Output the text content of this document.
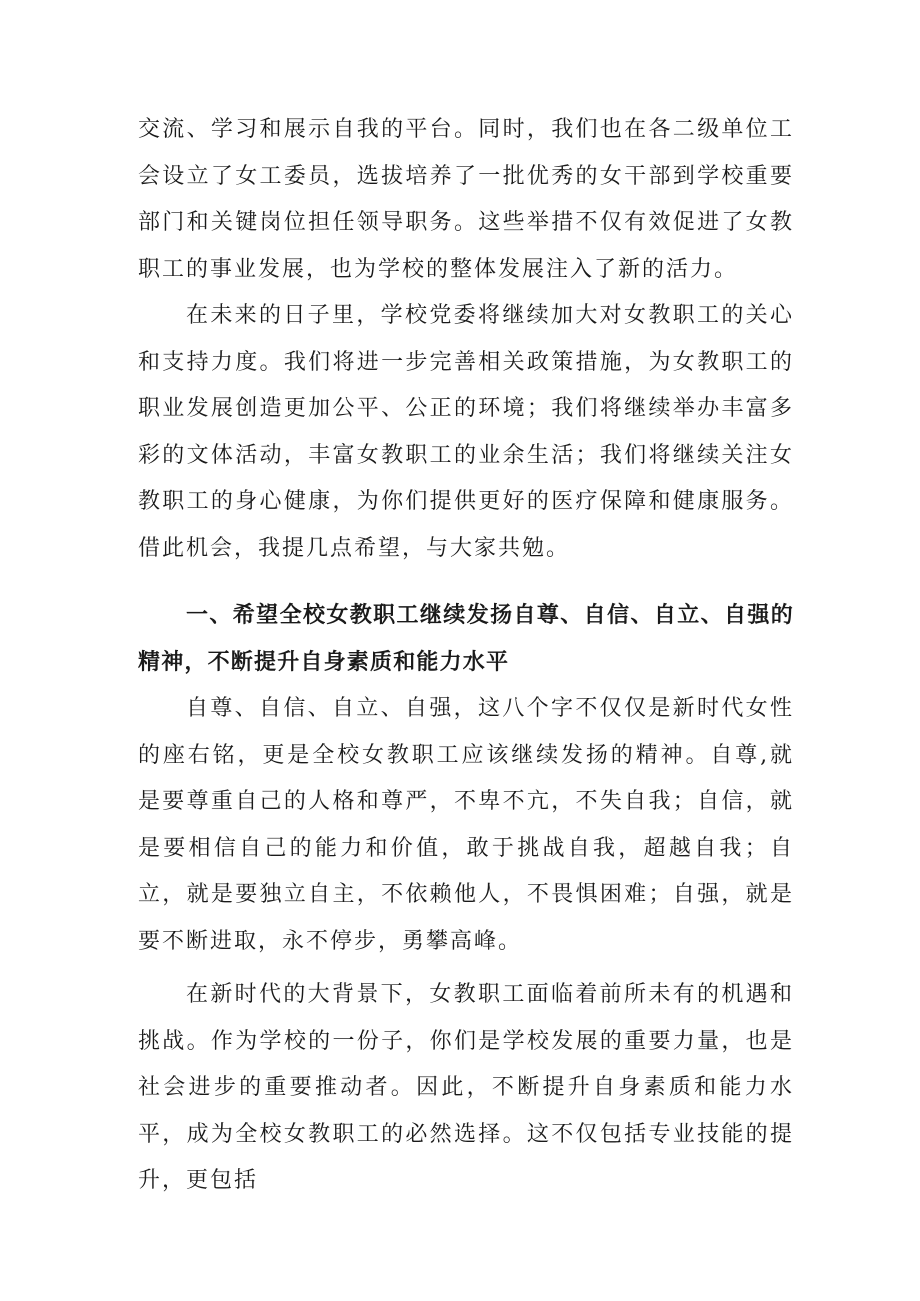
交流、学习和展示自我的平台。同时，我们也在各二级单位工会设立了女工委员，选拔培养了一批优秀的女干部到学校重要部门和关键岗位担任领导职务。这些举措不仅有效促进了女教职工的事业发展，也为学校的整体发展注入了新的活力。

在未来的日子里，学校党委将继续加大对女教职工的关心和支持力度。我们将进一步完善相关政策措施，为女教职工的职业发展创造更加公平、公正的环境；我们将继续举办丰富多彩的文体活动，丰富女教职工的业余生活；我们将继续关注女教职工的身心健康，为你们提供更好的医疗保障和健康服务。借此机会，我提几点希望，与大家共勉。

一、希望全校女教职工继续发扬自尊、自信、自立、自强的精神，不断提升自身素质和能力水平

自尊、自信、自立、自强，这八个字不仅仅是新时代女性的座右铭，更是全校女教职工应该继续发扬的精神。自尊,就是要尊重自己的人格和尊严，不卑不亢，不失自我；自信，就是要相信自己的能力和价值，敢于挑战自我，超越自我；自立，就是要独立自主，不依赖他人，不畏惧困难；自强，就是要不断进取，永不停步，勇攀高峰。

在新时代的大背景下，女教职工面临着前所未有的机遇和挑战。作为学校的一份子，你们是学校发展的重要力量，也是社会进步的重要推动者。因此，不断提升自身素质和能力水平，成为全校女教职工的必然选择。这不仅包括专业技能的提升，更包括
